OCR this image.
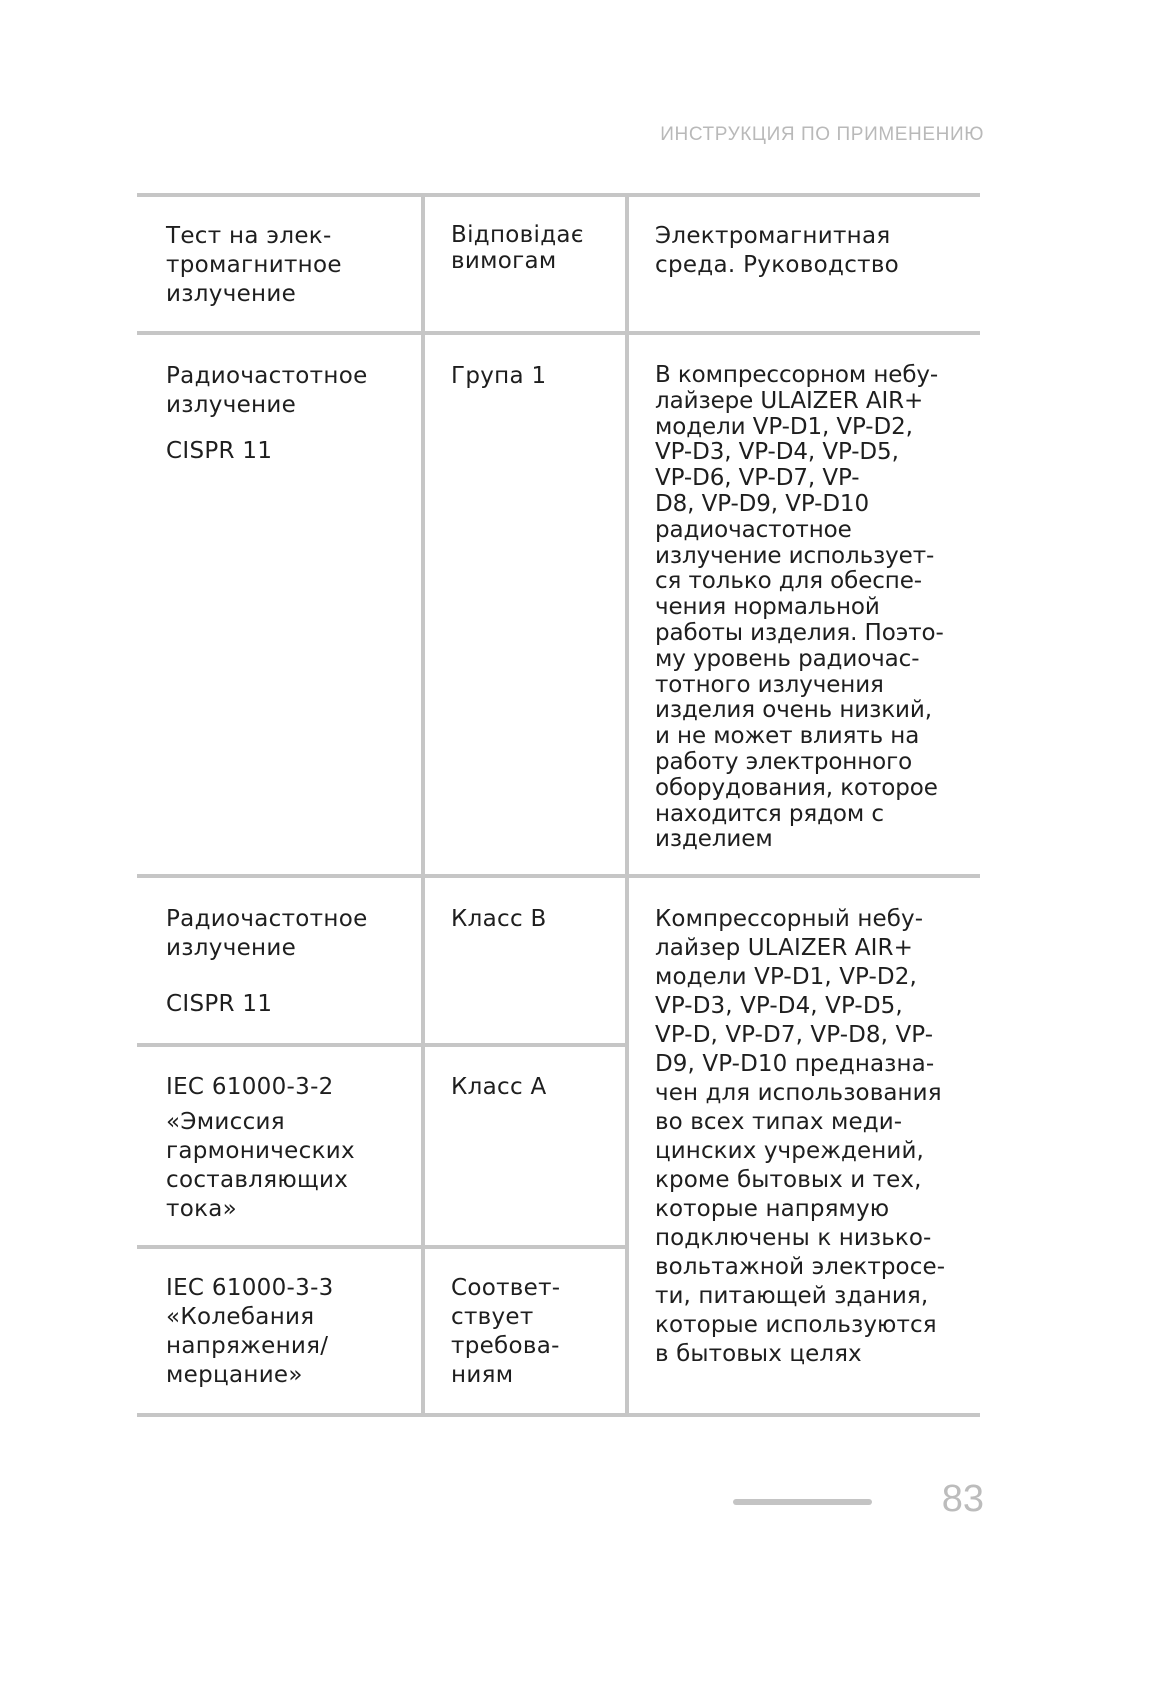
ИНСТРУКЦИЯ ПО ПРИМЕНЕНИЮ

Тест на элек-

тромагнитное

излучение

Відповідає

вимогам

Электромагнитная

среда. Руководство

Радиочастотное

излучение

CISPR 11

Група 1	В компрессорном небу-

лайзере ULAIZER AIR+

модели VP-D1, VP-D2,

VP-D3, VP-D4, VP-D5,

VP-D6, VP-D7, VP-

D8, VP-D9, VP-D10

радиочастотное

излучение использует-

ся только для обеспе-

чения нормальной

работы изделия. Поэто-

му уровень радиочас-

тотного излучения

изделия очень низкий,

и не может влиять на

работу электронного

оборудования, которое

находится рядом с

изделием

Радиочастотное

излучение

CISPR 11

Класс В	Компрессорный небу-

лайзер ULAIZER AIR+

модели VP-D1, VP-D2,

VP-D3, VP-D4, VP-D5,

VP-D, VP-D7, VP-D8, VP-

D9, VP-D10 предназна-

чен для использования

во всех типах меди-

цинских учреждений,

кроме бытовых и тех,

которые напрямую

подключены к низько-

вольтажной электросе-

ти, питающей здания,

которые используются

в бытовых целях

IEC 61000-3-2

«Эмиссия

гармонических

составляющих

тока»

Класс А

IEC 61000-3-3

«Колебания

напряжения/

мерцание»

Соответ-

ствует

требова-

ниям

83
